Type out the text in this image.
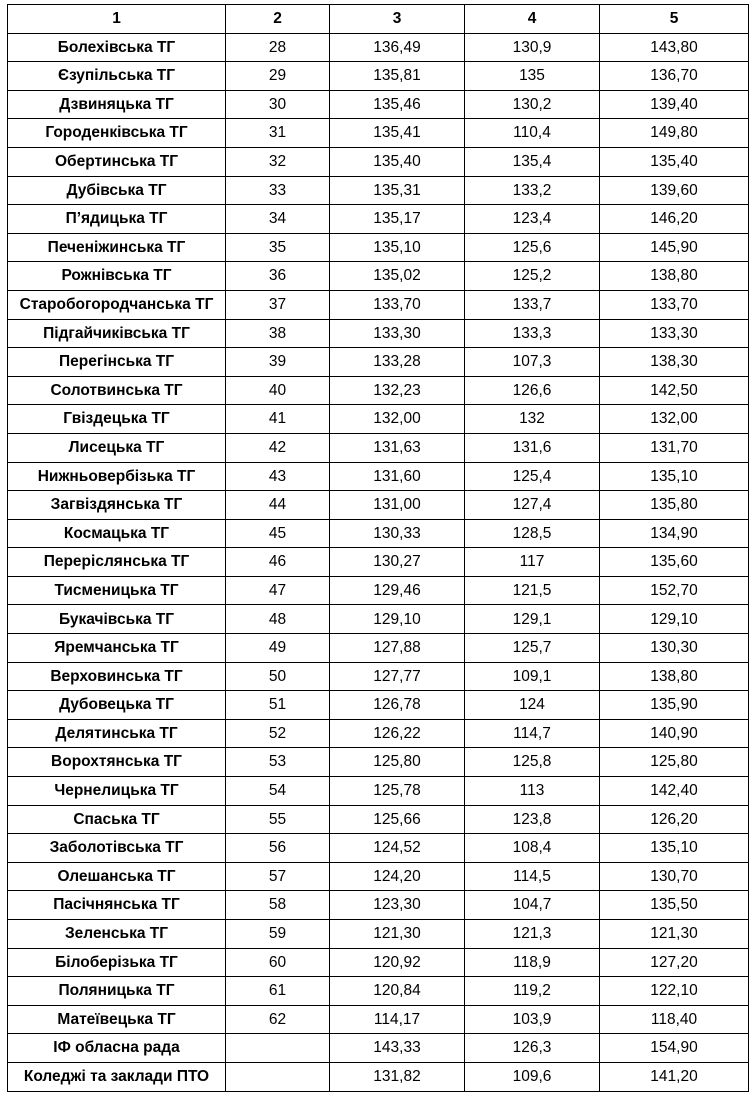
1	2	3	4	5
Болехівська ТГ	28	136,49	130,9	143,80
Єзупільська ТГ	29	135,81	135	136,70
Дзвиняцька ТГ	30	135,46	130,2	139,40
Городенківська ТГ	31	135,41	110,4	149,80
Обертинська ТГ	32	135,40	135,4	135,40
Дубівська ТГ	33	135,31	133,2	139,60
П’ядицька ТГ	34	135,17	123,4	146,20
Печеніжинська ТГ	35	135,10	125,6	145,90
Рожнівська ТГ	36	135,02	125,2	138,80
Старобогородчанська ТГ	37	133,70	133,7	133,70
Підгайчиківська ТГ	38	133,30	133,3	133,30
Перегінська ТГ	39	133,28	107,3	138,30
Солотвинська ТГ	40	132,23	126,6	142,50
Гвіздецька ТГ	41	132,00	132	132,00
Лисецька ТГ	42	131,63	131,6	131,70
Нижньовербізька ТГ	43	131,60	125,4	135,10
Загвіздянська ТГ	44	131,00	127,4	135,80
Космацька ТГ	45	130,33	128,5	134,90
Переріслянська ТГ	46	130,27	117	135,60
Тисменицька ТГ	47	129,46	121,5	152,70
Букачівська ТГ	48	129,10	129,1	129,10
Яремчанська ТГ	49	127,88	125,7	130,30
Верховинська ТГ	50	127,77	109,1	138,80
Дубовецька ТГ	51	126,78	124	135,90
Делятинська ТГ	52	126,22	114,7	140,90
Ворохтянська ТГ	53	125,80	125,8	125,80
Чернелицька ТГ	54	125,78	113	142,40
Спаська ТГ	55	125,66	123,8	126,20
Заболотівська ТГ	56	124,52	108,4	135,10
Олешанська ТГ	57	124,20	114,5	130,70
Пасічнянська ТГ	58	123,30	104,7	135,50
Зеленська ТГ	59	121,30	121,3	121,30
Білоберізька ТГ	60	120,92	118,9	127,20
Поляницька ТГ	61	120,84	119,2	122,10
Матеївецька ТГ	62	114,17	103,9	118,40
ІФ обласна рада		143,33	126,3	154,90
Коледжі та заклади ПТО		131,82	109,6	141,20
